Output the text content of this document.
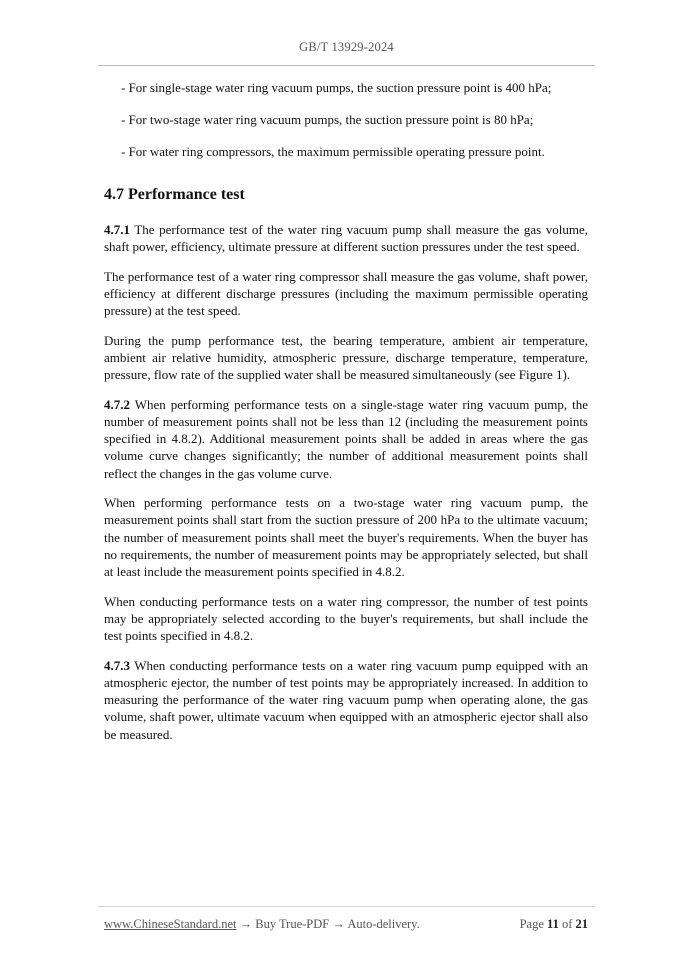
GB/T 13929-2024
- For single-stage water ring vacuum pumps, the suction pressure point is 400 hPa;
- For two-stage water ring vacuum pumps, the suction pressure point is 80 hPa;
- For water ring compressors, the maximum permissible operating pressure point.
4.7 Performance test

4.7.1 The performance test of the water ring vacuum pump shall measure the gas volume, shaft power, efficiency, ultimate pressure at different suction pressures under the test speed.

The performance test of a water ring compressor shall measure the gas volume, shaft power, efficiency at different discharge pressures (including the maximum permissible operating pressure) at the test speed.

During the pump performance test, the bearing temperature, ambient air temperature, ambient air relative humidity, atmospheric pressure, discharge temperature, temperature, pressure, flow rate of the supplied water shall be measured simultaneously (see Figure 1).

4.7.2 When performing performance tests on a single-stage water ring vacuum pump, the number of measurement points shall not be less than 12 (including the measurement points specified in 4.8.2). Additional measurement points shall be added in areas where the gas volume curve changes significantly; the number of additional measurement points shall reflect the changes in the gas volume curve.

When performing performance tests on a two-stage water ring vacuum pump, the measurement points shall start from the suction pressure of 200 hPa to the ultimate vacuum; the number of measurement points shall meet the buyer's requirements. When the buyer has no requirements, the number of measurement points may be appropriately selected, but shall at least include the measurement points specified in 4.8.2.

When conducting performance tests on a water ring compressor, the number of test points may be appropriately selected according to the buyer's requirements, but shall include the test points specified in 4.8.2.

4.7.3 When conducting performance tests on a water ring vacuum pump equipped with an atmospheric ejector, the number of test points may be appropriately increased. In addition to measuring the performance of the water ring vacuum pump when operating alone, the gas volume, shaft power, ultimate vacuum when equipped with an atmospheric ejector shall also be measured.

www.ChineseStandard.net → Buy True-PDF → Auto-delivery.	Page 11 of 21
